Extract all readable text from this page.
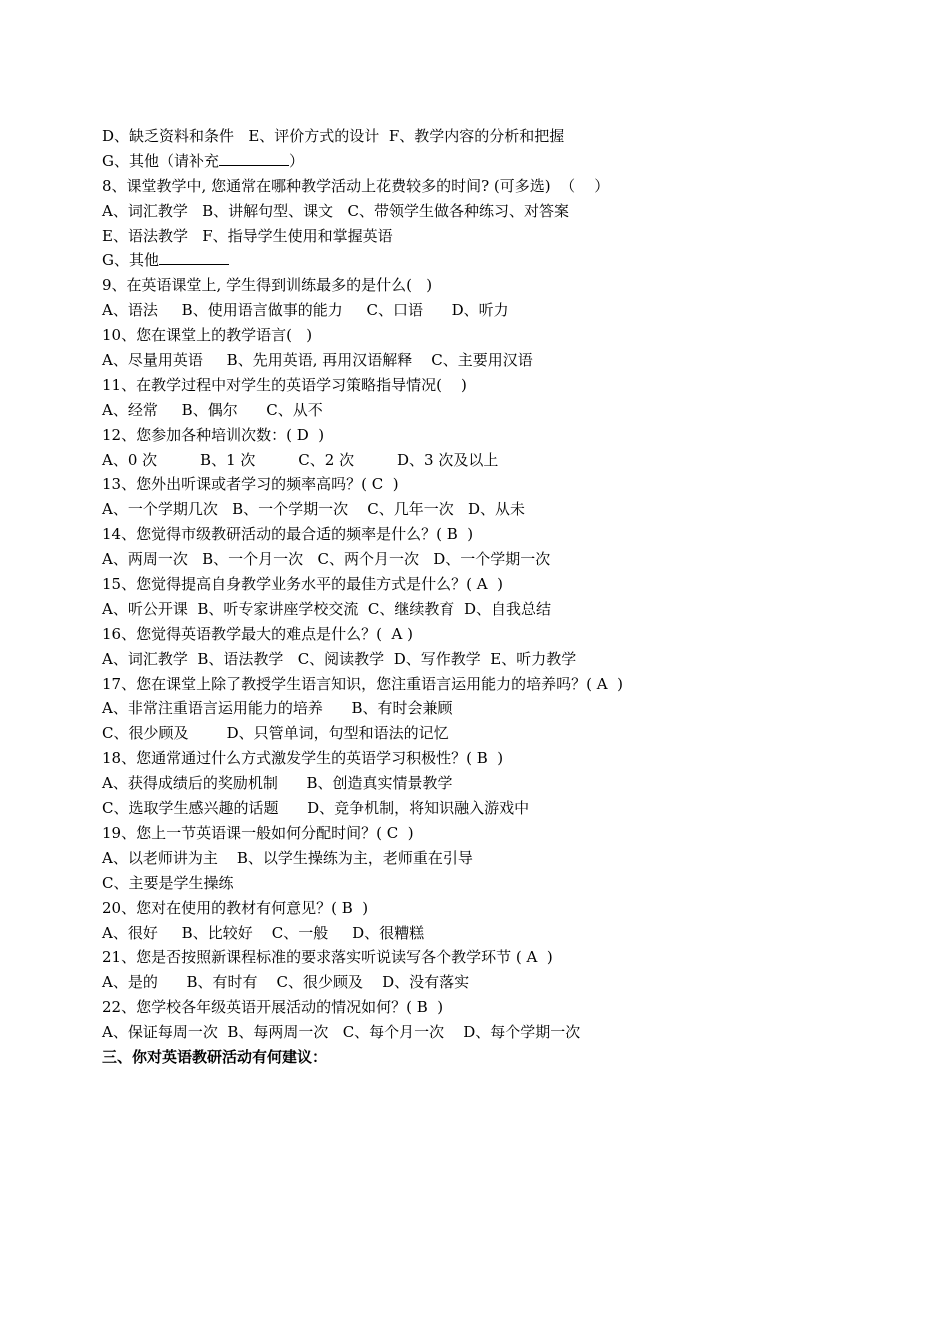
D、缺乏资料和条件   E、评价方式的设计  F、教学内容的分析和把握
G、其他（请补充	）
8、课堂教学中, 您通常在哪种教学活动上花费较多的时间? (可多选)  （    ）
A、词汇教学   B、讲解句型、课文   C、带领学生做各种练习、对答案
E、语法教学   F、指导学生使用和掌握英语
G、其他
9、在英语课堂上, 学生得到训练最多的是什么(   )
A、语法     B、使用语言做事的能力     C、口语      D、听力
10、您在课堂上的教学语言(   )
A、尽量用英语     B、先用英语, 再用汉语解释    C、主要用汉语
11、在教学过程中对学生的英语学习策略指导情况(    )
A、经常     B、偶尔      C、从不
12、您参加各种培训次数：( D  )
A、0 次         B、1 次         C、2 次         D、3 次及以上
13、您外出听课或者学习的频率高吗？( C  )
A、一个学期几次   B、一个学期一次    C、几年一次   D、从未
14、您觉得市级教研活动的最合适的频率是什么？( B  )
A、两周一次   B、一个月一次   C、两个月一次   D、一个学期一次
15、您觉得提高自身教学业务水平的最佳方式是什么？( A  )
A、听公开课  B、听专家讲座学校交流  C、继续教育  D、自我总结
16、您觉得英语教学最大的难点是什么？(  A )
A、词汇教学  B、语法教学   C、阅读教学  D、写作教学  E、听力教学
17、您在课堂上除了教授学生语言知识，您注重语言运用能力的培养吗？( A  )
A、非常注重语言运用能力的培养      B、有时会兼顾
C、很少顾及        D、只管单词，句型和语法的记忆
18、您通常通过什么方式激发学生的英语学习积极性？( B  )
A、获得成绩后的奖励机制      B、创造真实情景教学
C、选取学生感兴趣的话题      D、竞争机制，将知识融入游戏中
19、您上一节英语课一般如何分配时间？( C  )
A、以老师讲为主    B、以学生操练为主，老师重在引导
C、主要是学生操练
20、您对在使用的教材有何意见？( B  )
A、很好     B、比较好    C、一般     D、很糟糕
21、您是否按照新课程标准的要求落实听说读写各个教学环节 ( A  )
A、是的      B、有时有    C、很少顾及    D、没有落实
22、您学校各年级英语开展活动的情况如何？( B  )
A、保证每周一次  B、每两周一次   C、每个月一次    D、每个学期一次
三、你对英语教研活动有何建议：
